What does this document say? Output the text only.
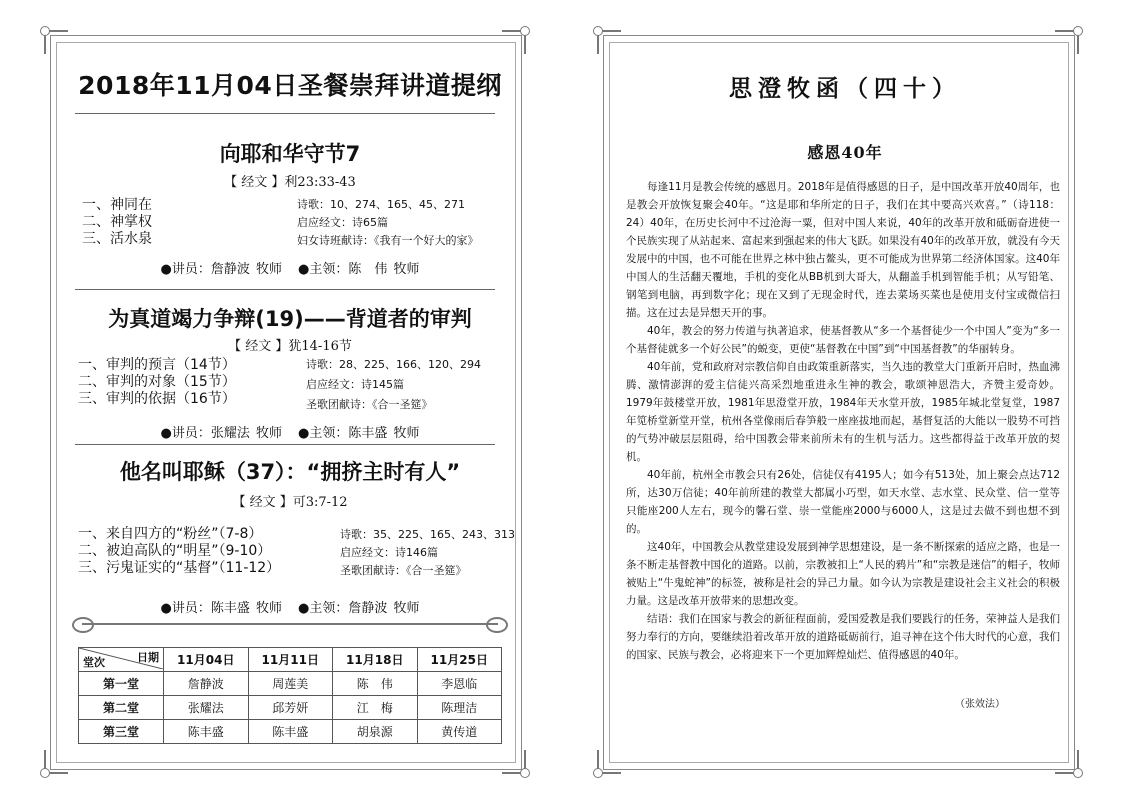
2018年11月04日圣餐崇拜讲道提纲
向耶和华守节7
【 经文 】利23:33-43
一、神同在
二、神掌权
三、活水泉
诗歌：10、274、165、45、271
启应经文：诗65篇
妇女诗班献诗：《我有一个好大的家》
●讲员：詹静波 牧师 ●主领：陈　伟 牧师
为真道竭力争辩(19)——背道者的审判
【 经文 】犹14-16节
一、审判的预言（14节）
二、审判的对象（15节）
三、审判的依据（16节）
诗歌：28、225、166、120、294
启应经文：诗145篇
圣歌团献诗：《合一圣筵》
●讲员：张耀法 牧师 ●主领：陈丰盛 牧师
他名叫耶稣（37）：“拥挤主时有人”
【 经文 】可3:7-12
一、来自四方的“粉丝”（7-8）
二、被迫高队的“明星”（9-10）
三、污鬼证实的“基督”（11-12）
诗歌：35、225、165、243、313
启应经文：诗146篇
圣歌团献诗：《合一圣筵》
●讲员：陈丰盛 牧师 ●主领：詹静波 牧师
日期
堂次	11月04日	11月11日	11月18日	11月25日
第一堂	詹静波	周莲美	陈　伟	李恩临
第二堂	张耀法	邱芳妍	江　梅	陈理洁
第三堂	陈丰盛	陈丰盛	胡泉源	黄传道
思澄牧函（四十）
感恩40年

每逢11月是教会传统的感恩月。2018年是值得感恩的日子，是中国改革开放40周年，也是教会开放恢复聚会40年。“这是耶和华所定的日子，我们在其中要高兴欢喜。”（诗118：24）40年，在历史长河中不过沧海一粟，但对中国人来说，40年的改革开放和砥砺奋进使一个民族实现了从站起来、富起来到强起来的伟大飞跃。如果没有40年的改革开放，就没有今天发展中的中国，也不可能在世界之林中独占鳌头，更不可能成为世界第二经济体国家。这40年中国人的生活翻天覆地，手机的变化从BB机到大哥大，从翻盖手机到智能手机；从写铅笔、钢笔到电脑，再到数字化；现在又到了无现金时代，连去菜场买菜也是使用支付宝或微信扫描。这在过去是异想天开的事。

40年，教会的努力传道与执著追求，使基督教从“多一个基督徒少一个中国人”变为“多一个基督徒就多一个好公民”的蜕变，更使“基督教在中国”到“中国基督教”的华丽转身。

40年前，党和政府对宗教信仰自由政策重新落实，当久违的教堂大门重新开启时，热血沸腾、激情澎湃的爱主信徒兴高采烈地重进永生神的教会，歌颂神恩浩大，齐赞主爱奇妙。1979年鼓楼堂开放，1981年思澄堂开放，1984年天水堂开放，1985年城北堂复堂，1987年笕桥堂新堂开堂，杭州各堂像雨后春笋般一座座拔地而起，基督复活的大能以一股势不可挡的气势冲破层层阻碍，给中国教会带来前所未有的生机与活力。这些都得益于改革开放的契机。

40年前，杭州全市教会只有26处，信徒仅有4195人；如今有513处，加上聚会点达712所，达30万信徒；40年前所建的教堂大都属小巧型，如天水堂、志水堂、民众堂、信一堂等只能座200人左右，现今的馨石堂、崇一堂能座2000与6000人，这是过去做不到也想不到的。

这40年，中国教会从教堂建设发展到神学思想建设，是一条不断探索的适应之路，也是一条不断走基督教中国化的道路。以前，宗教被扣上“人民的鸦片”和“宗教是迷信”的帽子，牧师被贴上“牛鬼蛇神”的标签，被称是社会的异己力量。如今认为宗教是建设社会主义社会的积极力量。这是改革开放带来的思想改变。

结语：我们在国家与教会的新征程面前，爱国爱教是我们要践行的任务，荣神益人是我们努力奉行的方向，要继续沿着改革开放的道路砥砺前行，追寻神在这个伟大时代的心意，我们的国家、民族与教会，必将迎来下一个更加辉煌灿烂、值得感恩的40年。

（张效法）
